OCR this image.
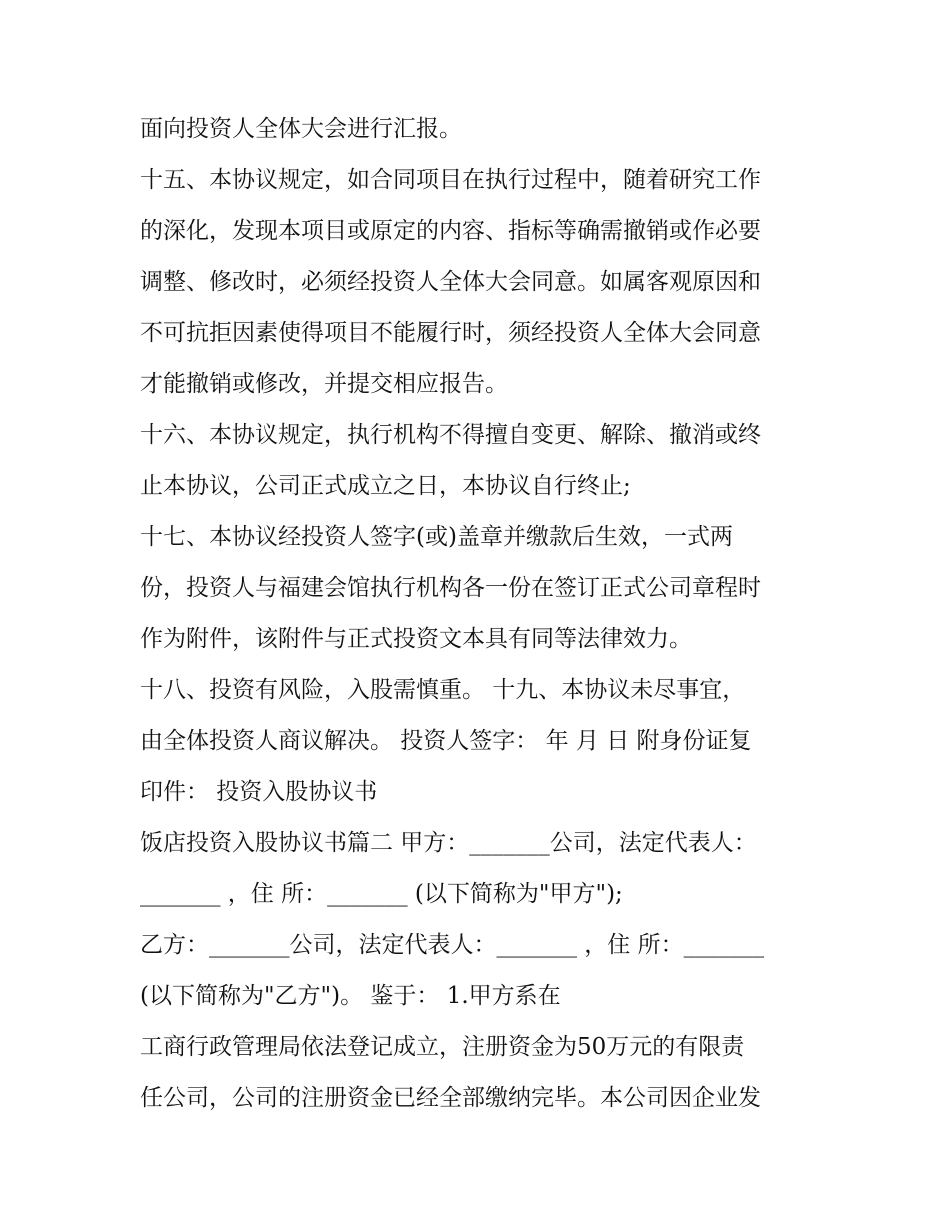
面向投资人全体大会进行汇报。
十五、本协议规定，如合同项目在执行过程中，随着研究工作
的深化，发现本项目或原定的内容、指标等确需撤销或作必要
调整、修改时，必须经投资人全体大会同意。如属客观原因和
不可抗拒因素使得项目不能履行时，须经投资人全体大会同意
才能撤销或修改，并提交相应报告。
十六、本协议规定，执行机构不得擅自变更、解除、撤消或终
止本协议，公司正式成立之日，本协议自行终止;
十七、本协议经投资人签字(或)盖章并缴款后生效，一式两
份，投资人与福建会馆执行机构各一份在签订正式公司章程时
作为附件，该附件与正式投资文本具有同等法律效力。
十八、投资有风险，入股需慎重。 十九、本协议未尽事宜，
由全体投资人商议解决。 投资人签字： 年 月 日 附身份证复
印件： 投资入股协议书
饭店投资入股协议书篇二 甲方：_______公司，法定代表人：
_______ ，住 所：_______ (以下简称为"甲方");
乙方：_______公司，法定代表人：_______ ，住 所：_______
(以下简称为"乙方")。 鉴于： 1.甲方系在
工商行政管理局依法登记成立，注册资金为50万元的有限责
任公司，公司的注册资金已经全部缴纳完毕。本公司因企业发
